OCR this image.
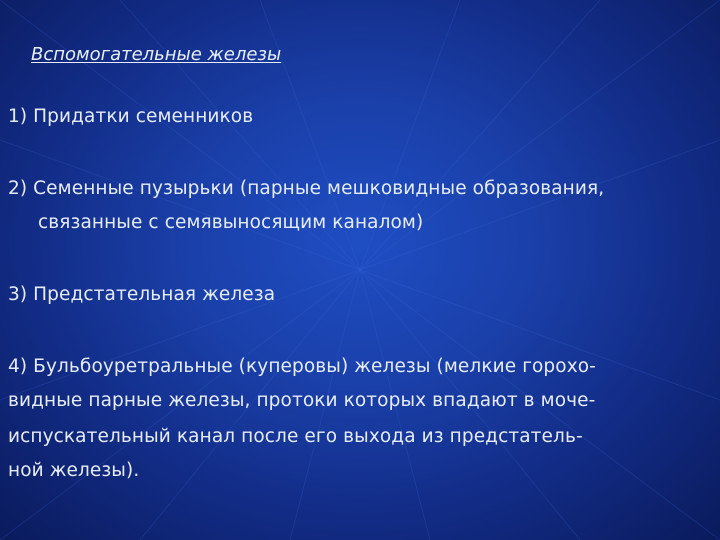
Вспомогательные железы
1) Придатки семенников
2) Семенные пузырьки (парные мешковидные образования,
связанные с семявыносящим каналом)
3) Предстательная железа
4) Бульбоуретральные (куперовы) железы (мелкие горохо-
видные парные железы, протоки которых впадают в моче-
испускательный канал после его выхода из предстатель-
ной железы).
